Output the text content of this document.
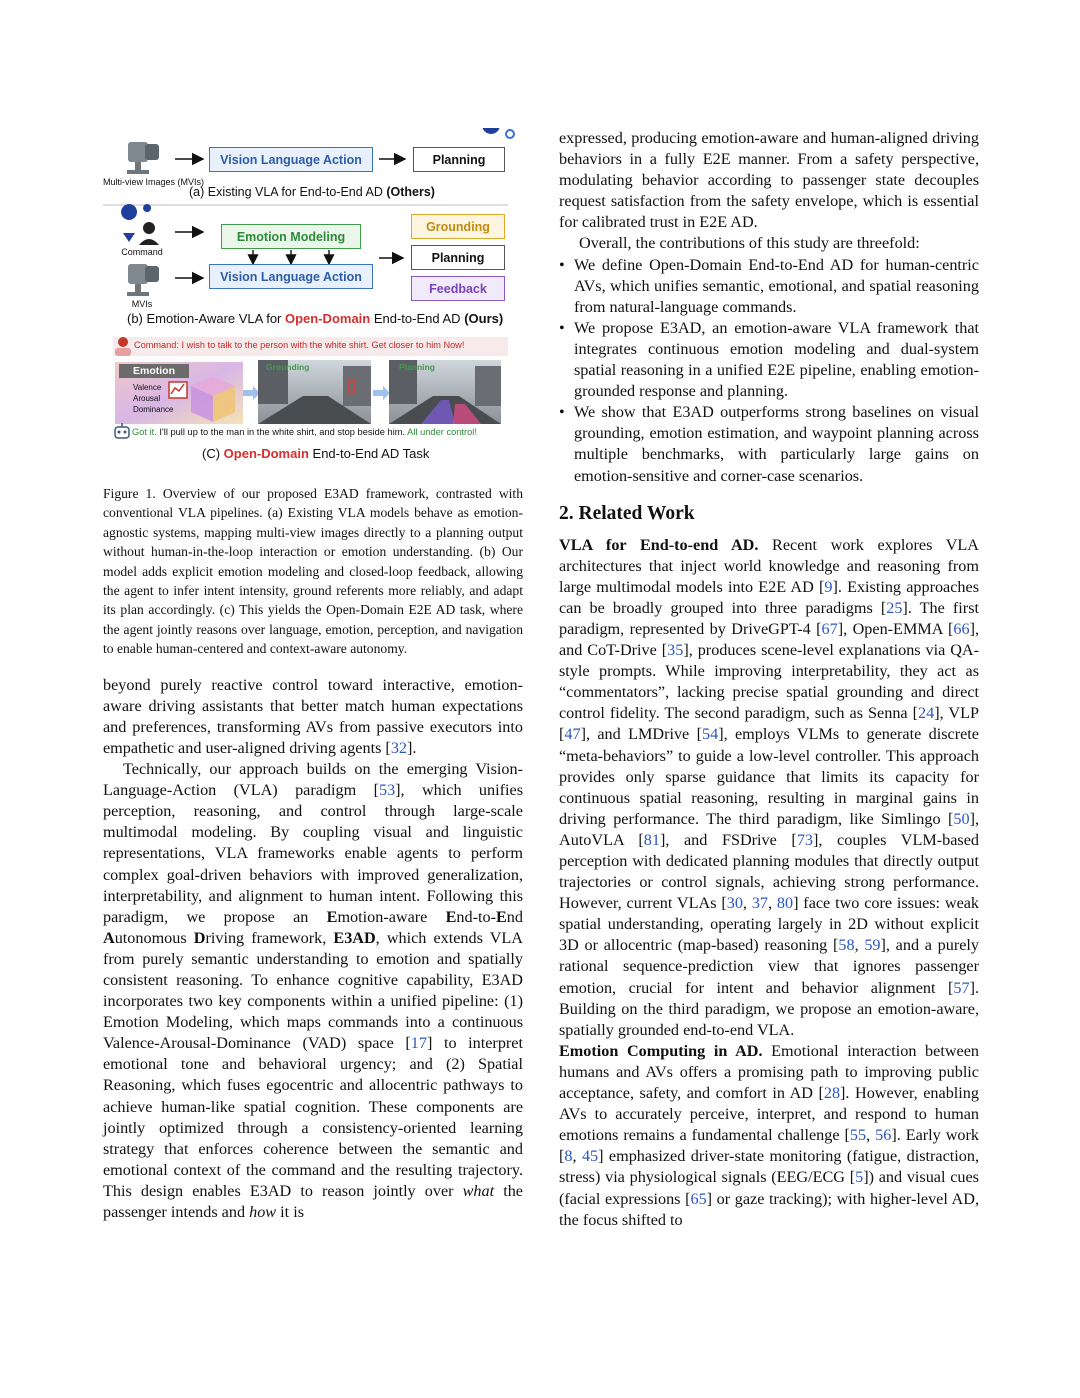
Multi-view Images (MVIs)
Vision Language Action	Planning
(a) Existing VLA for End-to-End AD (Others)
Command
MVIs
Emotion Modeling
Vision Language Action
Grounding
Planning
Feedback
(b) Emotion-Aware VLA for Open-Domain End-to-End AD (Ours)
Command: I wish to talk to the person with the white shirt. Get closer to him Now!
Emotion
Valence
Arousal
Dominance
Grounding	Planning
Got it. I'll pull up to the man in the white shirt, and stop beside him. All under control!
(C) Open-Domain End-to-End AD Task

Figure 1. Overview of our proposed E3AD framework, contrasted with conventional VLA pipelines. (a) Existing VLA models behave as emotion-agnostic systems, mapping multi-view images directly to a planning output without human-in-the-loop interaction or emotion understanding. (b) Our model adds explicit emotion modeling and closed-loop feedback, allowing the agent to infer intent intensity, ground referents more reliably, and adapt its plan accordingly. (c) This yields the Open-Domain E2E AD task, where the agent jointly reasons over language, emotion, perception, and navigation to enable human-centered and context-aware autonomy.

beyond purely reactive control toward interactive, emotion-aware driving assistants that better match human expectations and preferences, transforming AVs from passive executors into empathetic and user-aligned driving agents [32].

Technically, our approach builds on the emerging Vision-Language-Action (VLA) paradigm [53], which unifies perception, reasoning, and control through large-scale multimodal modeling. By coupling visual and linguistic representations, VLA frameworks enable agents to perform complex goal-driven behaviors with improved generalization, interpretability, and alignment to human intent. Following this paradigm, we propose an Emotion-aware End-to-End Autonomous Driving framework, E3AD, which extends VLA from purely semantic understanding to emotion and spatially consistent reasoning. To enhance cognitive capability, E3AD incorporates two key components within a unified pipeline: (1) Emotion Modeling, which maps commands into a continuous Valence-Arousal-Dominance (VAD) space [17] to interpret emotional tone and behavioral urgency; and (2) Spatial Reasoning, which fuses egocentric and allocentric pathways to achieve human-like spatial cognition. These components are jointly optimized through a consistency-oriented learning strategy that enforces coherence between the semantic and emotional context of the command and the resulting trajectory. This design enables E3AD to reason jointly over what the passenger intends and how it is

expressed, producing emotion-aware and human-aligned driving behaviors in a fully E2E manner. From a safety perspective, modulating behavior according to passenger state decouples request satisfaction from the safety envelope, which is essential for calibrated trust in E2E AD.

Overall, the contributions of this study are threefold:

• We define Open-Domain End-to-End AD for human-centric AVs, which unifies semantic, emotional, and spatial reasoning from natural-language commands.
• We propose E3AD, an emotion-aware VLA framework that integrates continuous emotion modeling and dual-system spatial reasoning in a unified E2E pipeline, enabling emotion-grounded response and planning.
• We show that E3AD outperforms strong baselines on visual grounding, emotion estimation, and waypoint planning across multiple benchmarks, with particularly large gains on emotion-sensitive and corner-case scenarios.
2. Related Work

VLA for End-to-end AD. Recent work explores VLA architectures that inject world knowledge and reasoning from large multimodal models into E2E AD [9]. Existing approaches can be broadly grouped into three paradigms [25]. The first paradigm, represented by DriveGPT-4 [67], Open-EMMA [66], and CoT-Drive [35], produces scene-level explanations via QA-style prompts. While improving interpretability, they act as “commentators”, lacking precise spatial grounding and direct control fidelity. The second paradigm, such as Senna [24], VLP [47], and LMDrive [54], employs VLMs to generate discrete “meta-behaviors” to guide a low-level controller. This approach provides only sparse guidance that limits its capacity for continuous spatial reasoning, resulting in marginal gains in driving performance. The third paradigm, like Simlingo [50], AutoVLA [81], and FSDrive [73], couples VLM-based perception with dedicated planning modules that directly output trajectories or control signals, achieving strong performance. However, current VLAs [30, 37, 80] face two core issues: weak spatial understanding, operating largely in 2D without explicit 3D or allocentric (map-based) reasoning [58, 59], and a purely rational sequence-prediction view that ignores passenger emotion, crucial for intent and behavior alignment [57]. Building on the third paradigm, we propose an emotion-aware, spatially grounded end-to-end VLA.

Emotion Computing in AD. Emotional interaction between humans and AVs offers a promising path to improving public acceptance, safety, and comfort in AD [28]. However, enabling AVs to accurately perceive, interpret, and respond to human emotions remains a fundamental challenge [55, 56]. Early work [8, 45] emphasized driver-state monitoring (fatigue, distraction, stress) via physiological signals (EEG/ECG [5]) and visual cues (facial expressions [65] or gaze tracking); with higher-level AD, the focus shifted to
